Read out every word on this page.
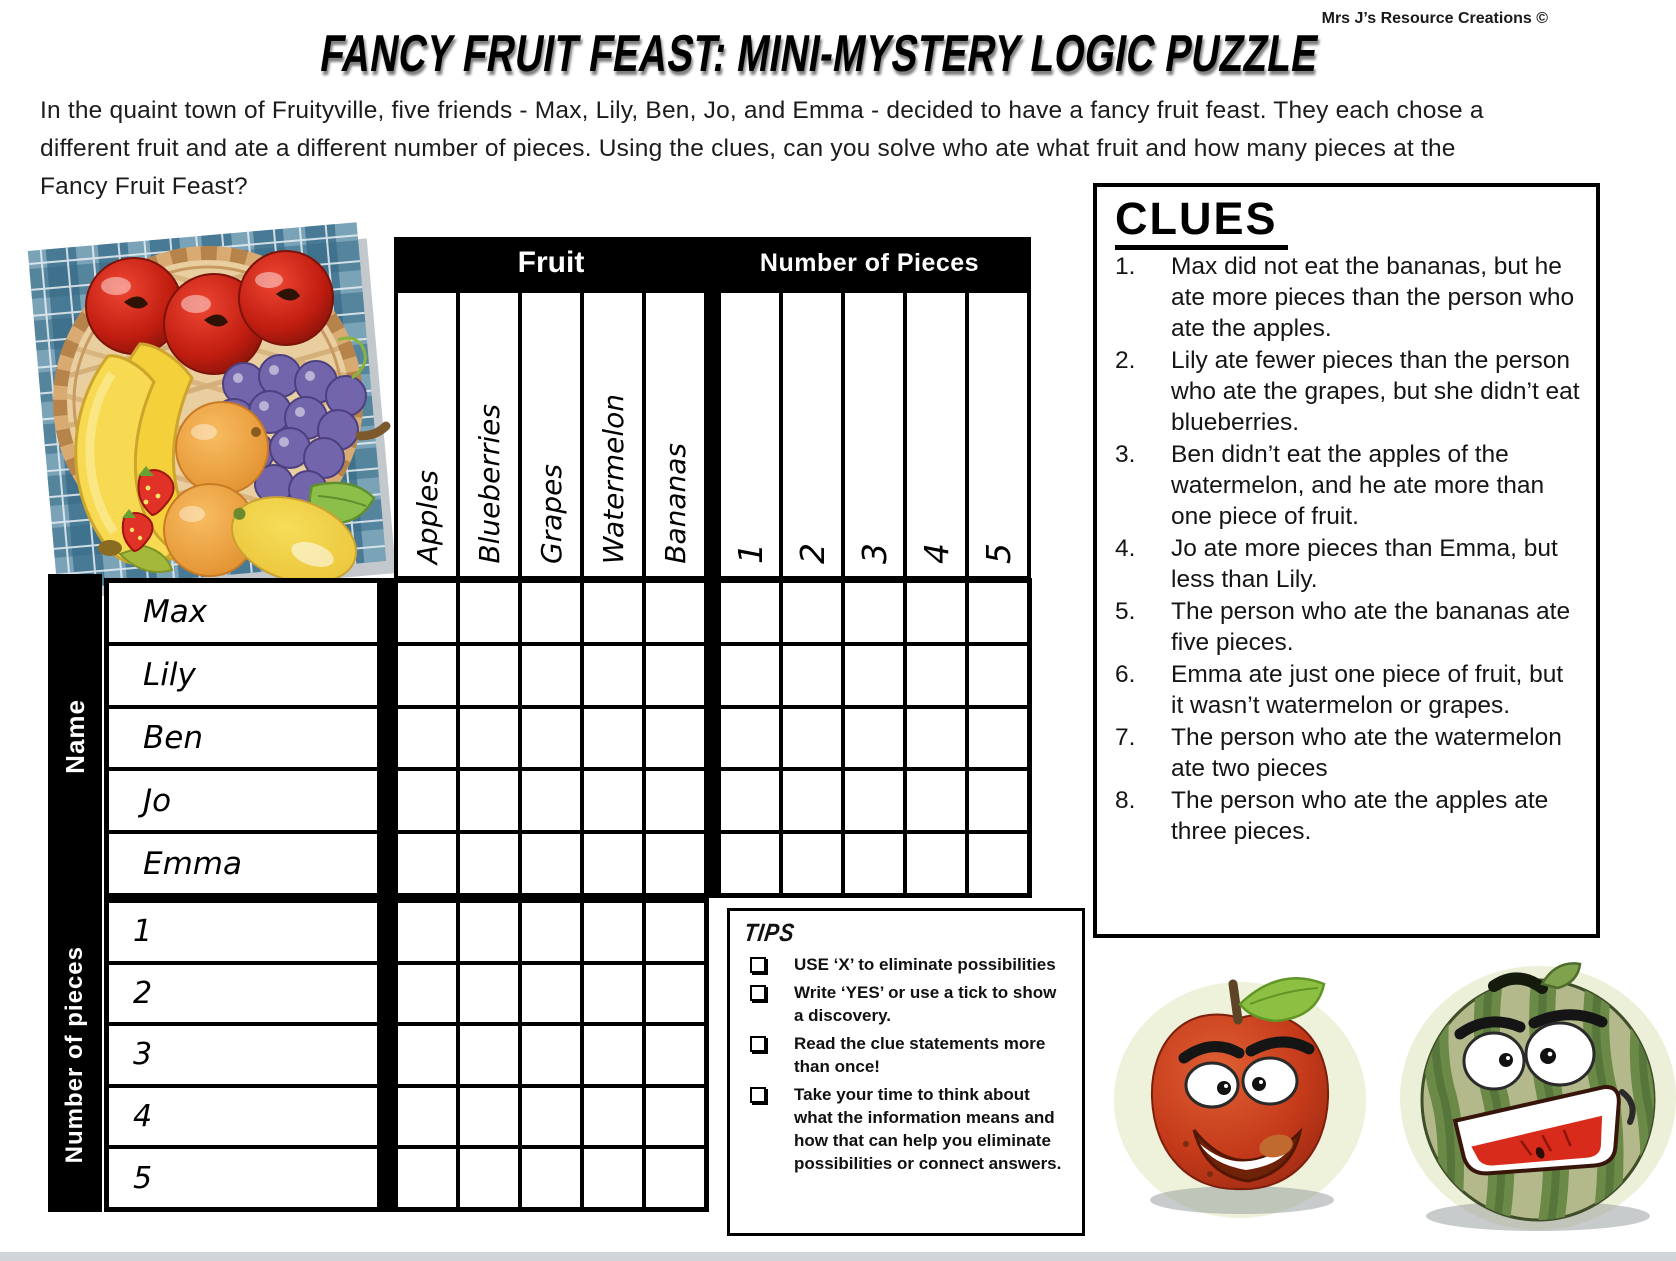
Mrs J’s Resource Creations ©
FANCY FRUIT FEAST: MINI-MYSTERY LOGIC PUZZLE
In the quaint town of Fruityville, five friends - Max, Lily, Ben, Jo, and Emma - decided to have a fancy fruit feast. They each chose a
different fruit and ate a different number of pieces. Using the clues, can you solve who ate what fruit and how many pieces at the
Fancy Fruit Feast?
Fruit	Number of Pieces
Apples Blueberries Grapes Watermelon Bananas 1 2 3 4 5
Max
Lily
Ben
Jo
Emma
1
2
3
4
5
Name
Number of pieces
CLUES
1.	Max did not eat the bananas, but he ate more pieces than the person who ate the apples.
2.	Lily ate fewer pieces than the person who ate the grapes, but she didn’t eat blueberries.
3.	Ben didn’t eat the apples of the watermelon, and he ate more than one piece of fruit.
4.	Jo ate more pieces than Emma, but less than Lily.
5.	The person who ate the bananas ate five pieces.
6.	Emma ate just one piece of fruit, but it wasn’t watermelon or grapes.
7.	The person who ate the watermelon ate two pieces
8.	The person who ate the apples ate three pieces.
TIPS
USE ‘X’ to eliminate possibilities
Write ‘YES’ or use a tick to show a discovery.
Read the clue statements more than once!
Take your time to think about what the information means and how that can help you eliminate possibilities or connect answers.
